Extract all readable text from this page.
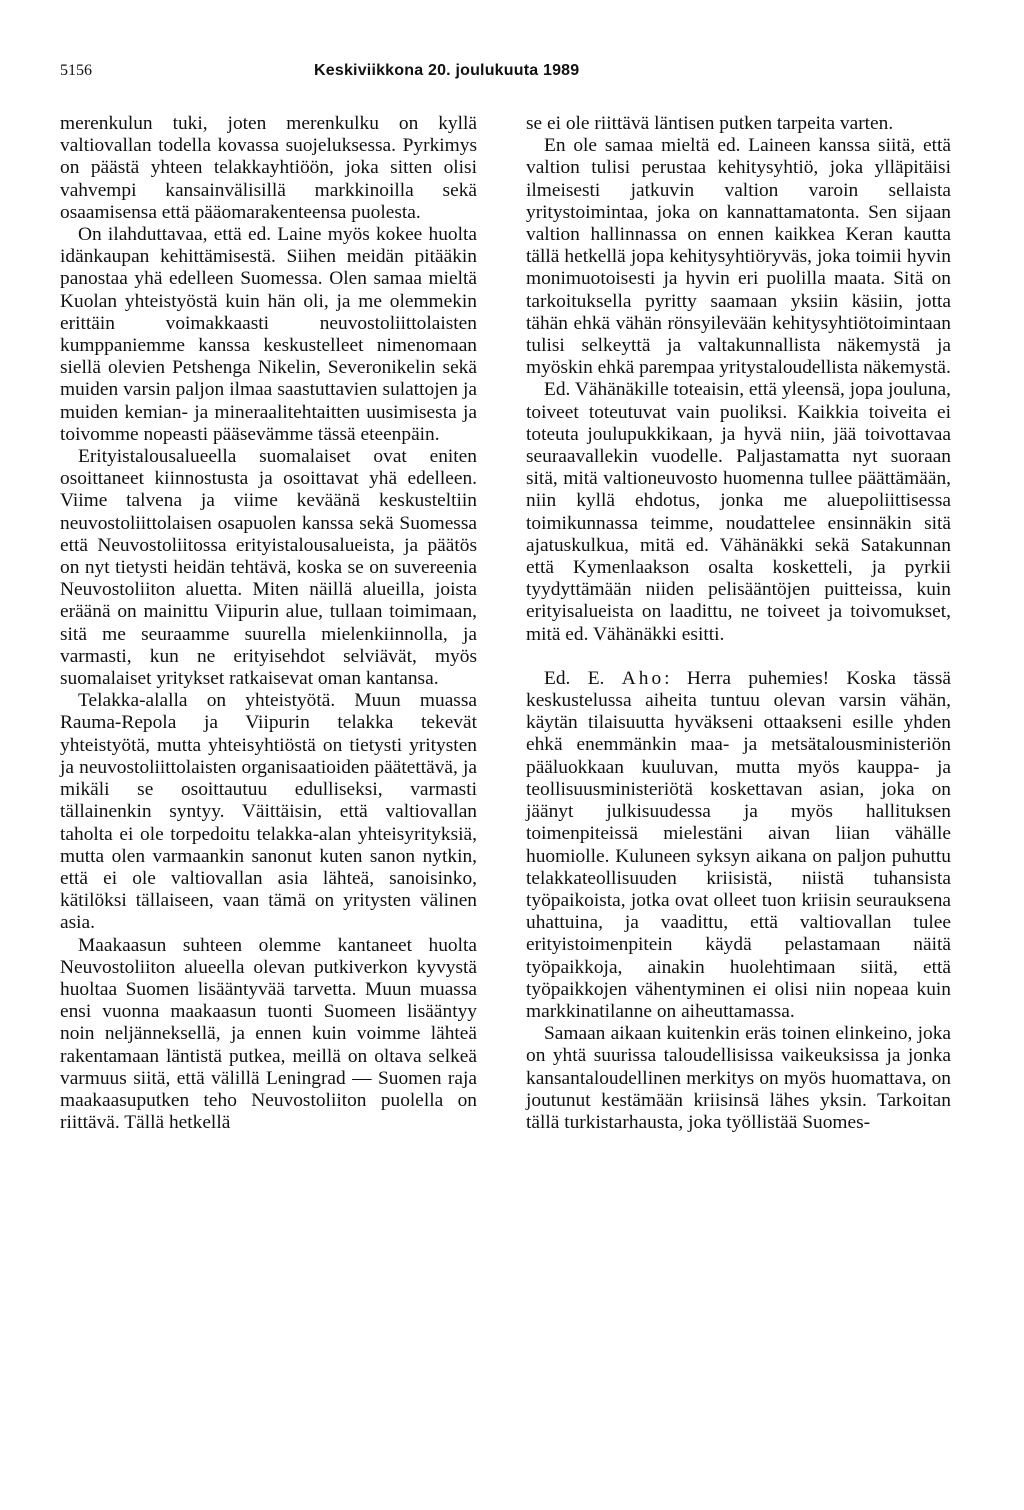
5156	Keskiviikkona 20. joulukuuta 1989

merenkulun tuki, joten merenkulku on kyllä valtiovallan todella kovassa suojeluksessa. Pyrkimys on päästä yhteen telakkayhtiöön, joka sitten olisi vahvempi kansainvälisillä markkinoilla sekä osaamisensa että pääomarakenteensa puolesta.

On ilahduttavaa, että ed. Laine myös kokee huolta idänkaupan kehittämisestä. Siihen meidän pitääkin panostaa yhä edelleen Suomessa. Olen samaa mieltä Kuolan yhteistyöstä kuin hän oli, ja me olemmekin erittäin voimakkaasti neuvostoliittolaisten kumppaniemme kanssa keskustelleet nimenomaan siellä olevien Petshenga Nikelin, Severonikelin sekä muiden varsin paljon ilmaa saastuttavien sulattojen ja muiden kemian- ja mineraalitehtaitten uusimisesta ja toivomme nopeasti pääsevämme tässä eteenpäin.

Erityistalousalueella suomalaiset ovat eniten osoittaneet kiinnostusta ja osoittavat yhä edelleen. Viime talvena ja viime keväänä keskusteltiin neuvostoliittolaisen osapuolen kanssa sekä Suomessa että Neuvostoliitossa erityistalousalueista, ja päätös on nyt tietysti heidän tehtävä, koska se on suvereenia Neuvostoliiton aluetta. Miten näillä alueilla, joista eräänä on mainittu Viipurin alue, tullaan toimimaan, sitä me seuraamme suurella mielenkiinnolla, ja varmasti, kun ne erityisehdot selviävät, myös suomalaiset yritykset ratkaisevat oman kantansa.

Telakka-alalla on yhteistyötä. Muun muassa Rauma-Repola ja Viipurin telakka tekevät yhteistyötä, mutta yhteisyhtiöstä on tietysti yritysten ja neuvostoliittolaisten organisaatioiden päätettävä, ja mikäli se osoittautuu edulliseksi, varmasti tällainenkin syntyy. Väittäisin, että valtiovallan taholta ei ole torpedoitu telakka-alan yhteisyrityksiä, mutta olen varmaankin sanonut kuten sanon nytkin, että ei ole valtiovallan asia lähteä, sanoisinko, kätilöksi tällaiseen, vaan tämä on yritysten välinen asia.

Maakaasun suhteen olemme kantaneet huolta Neuvostoliiton alueella olevan putkiverkon kyvystä huoltaa Suomen lisääntyvää tarvetta. Muun muassa ensi vuonna maakaasun tuonti Suomeen lisääntyy noin neljänneksellä, ja ennen kuin voimme lähteä rakentamaan läntistä putkea, meillä on oltava selkeä varmuus siitä, että välillä Leningrad — Suomen raja maakaasuputken teho Neuvostoliiton puolella on riittävä. Tällä hetkellä

se ei ole riittävä läntisen putken tarpeita varten.

En ole samaa mieltä ed. Laineen kanssa siitä, että valtion tulisi perustaa kehitysyhtiö, joka ylläpitäisi ilmeisesti jatkuvin valtion varoin sellaista yritystoimintaa, joka on kannattamatonta. Sen sijaan valtion hallinnassa on ennen kaikkea Keran kautta tällä hetkellä jopa kehitysyhtiöryväs, joka toimii hyvin monimuotoisesti ja hyvin eri puolilla maata. Sitä on tarkoituksella pyritty saamaan yksiin käsiin, jotta tähän ehkä vähän rönsyilevään kehitysyhtiötoimintaan tulisi selkeyttä ja valtakunnallista näkemystä ja myöskin ehkä parempaa yritystaloudellista näkemystä.

Ed. Vähänäkille toteaisin, että yleensä, jopa jouluna, toiveet toteutuvat vain puoliksi. Kaikkia toiveita ei toteuta joulupukkikaan, ja hyvä niin, jää toivottavaa seuraavallekin vuodelle. Paljastamatta nyt suoraan sitä, mitä valtioneuvosto huomenna tullee päättämään, niin kyllä ehdotus, jonka me aluepoliittisessa toimikunnassa teimme, noudattelee ensinnäkin sitä ajatuskulkua, mitä ed. Vähänäkki sekä Satakunnan että Kymenlaakson osalta kosketteli, ja pyrkii tyydyttämään niiden pelisääntöjen puitteissa, kuin erityisalueista on laadittu, ne toiveet ja toivomukset, mitä ed. Vähänäkki esitti.

Ed. E. Aho: Herra puhemies! Koska tässä keskustelussa aiheita tuntuu olevan varsin vähän, käytän tilaisuutta hyväkseni ottaakseni esille yhden ehkä enemmänkin maa- ja metsätalousministeriön pääluokkaan kuuluvan, mutta myös kauppa- ja teollisuusministeriötä koskettavan asian, joka on jäänyt julkisuudessa ja myös hallituksen toimenpiteissä mielestäni aivan liian vähälle huomiolle. Kuluneen syksyn aikana on paljon puhuttu telakkateollisuuden kriisistä, niistä tuhansista työpaikoista, jotka ovat olleet tuon kriisin seurauksena uhattuina, ja vaadittu, että valtiovallan tulee erityistoimenpitein käydä pelastamaan näitä työpaikkoja, ainakin huolehtimaan siitä, että työpaikkojen vähentyminen ei olisi niin nopeaa kuin markkinatilanne on aiheuttamassa.

Samaan aikaan kuitenkin eräs toinen elinkeino, joka on yhtä suurissa taloudellisissa vaikeuksissa ja jonka kansantaloudellinen merkitys on myös huomattava, on joutunut kestämään kriisinsä lähes yksin. Tarkoitan tällä turkistarhausta, joka työllistää Suomes-
